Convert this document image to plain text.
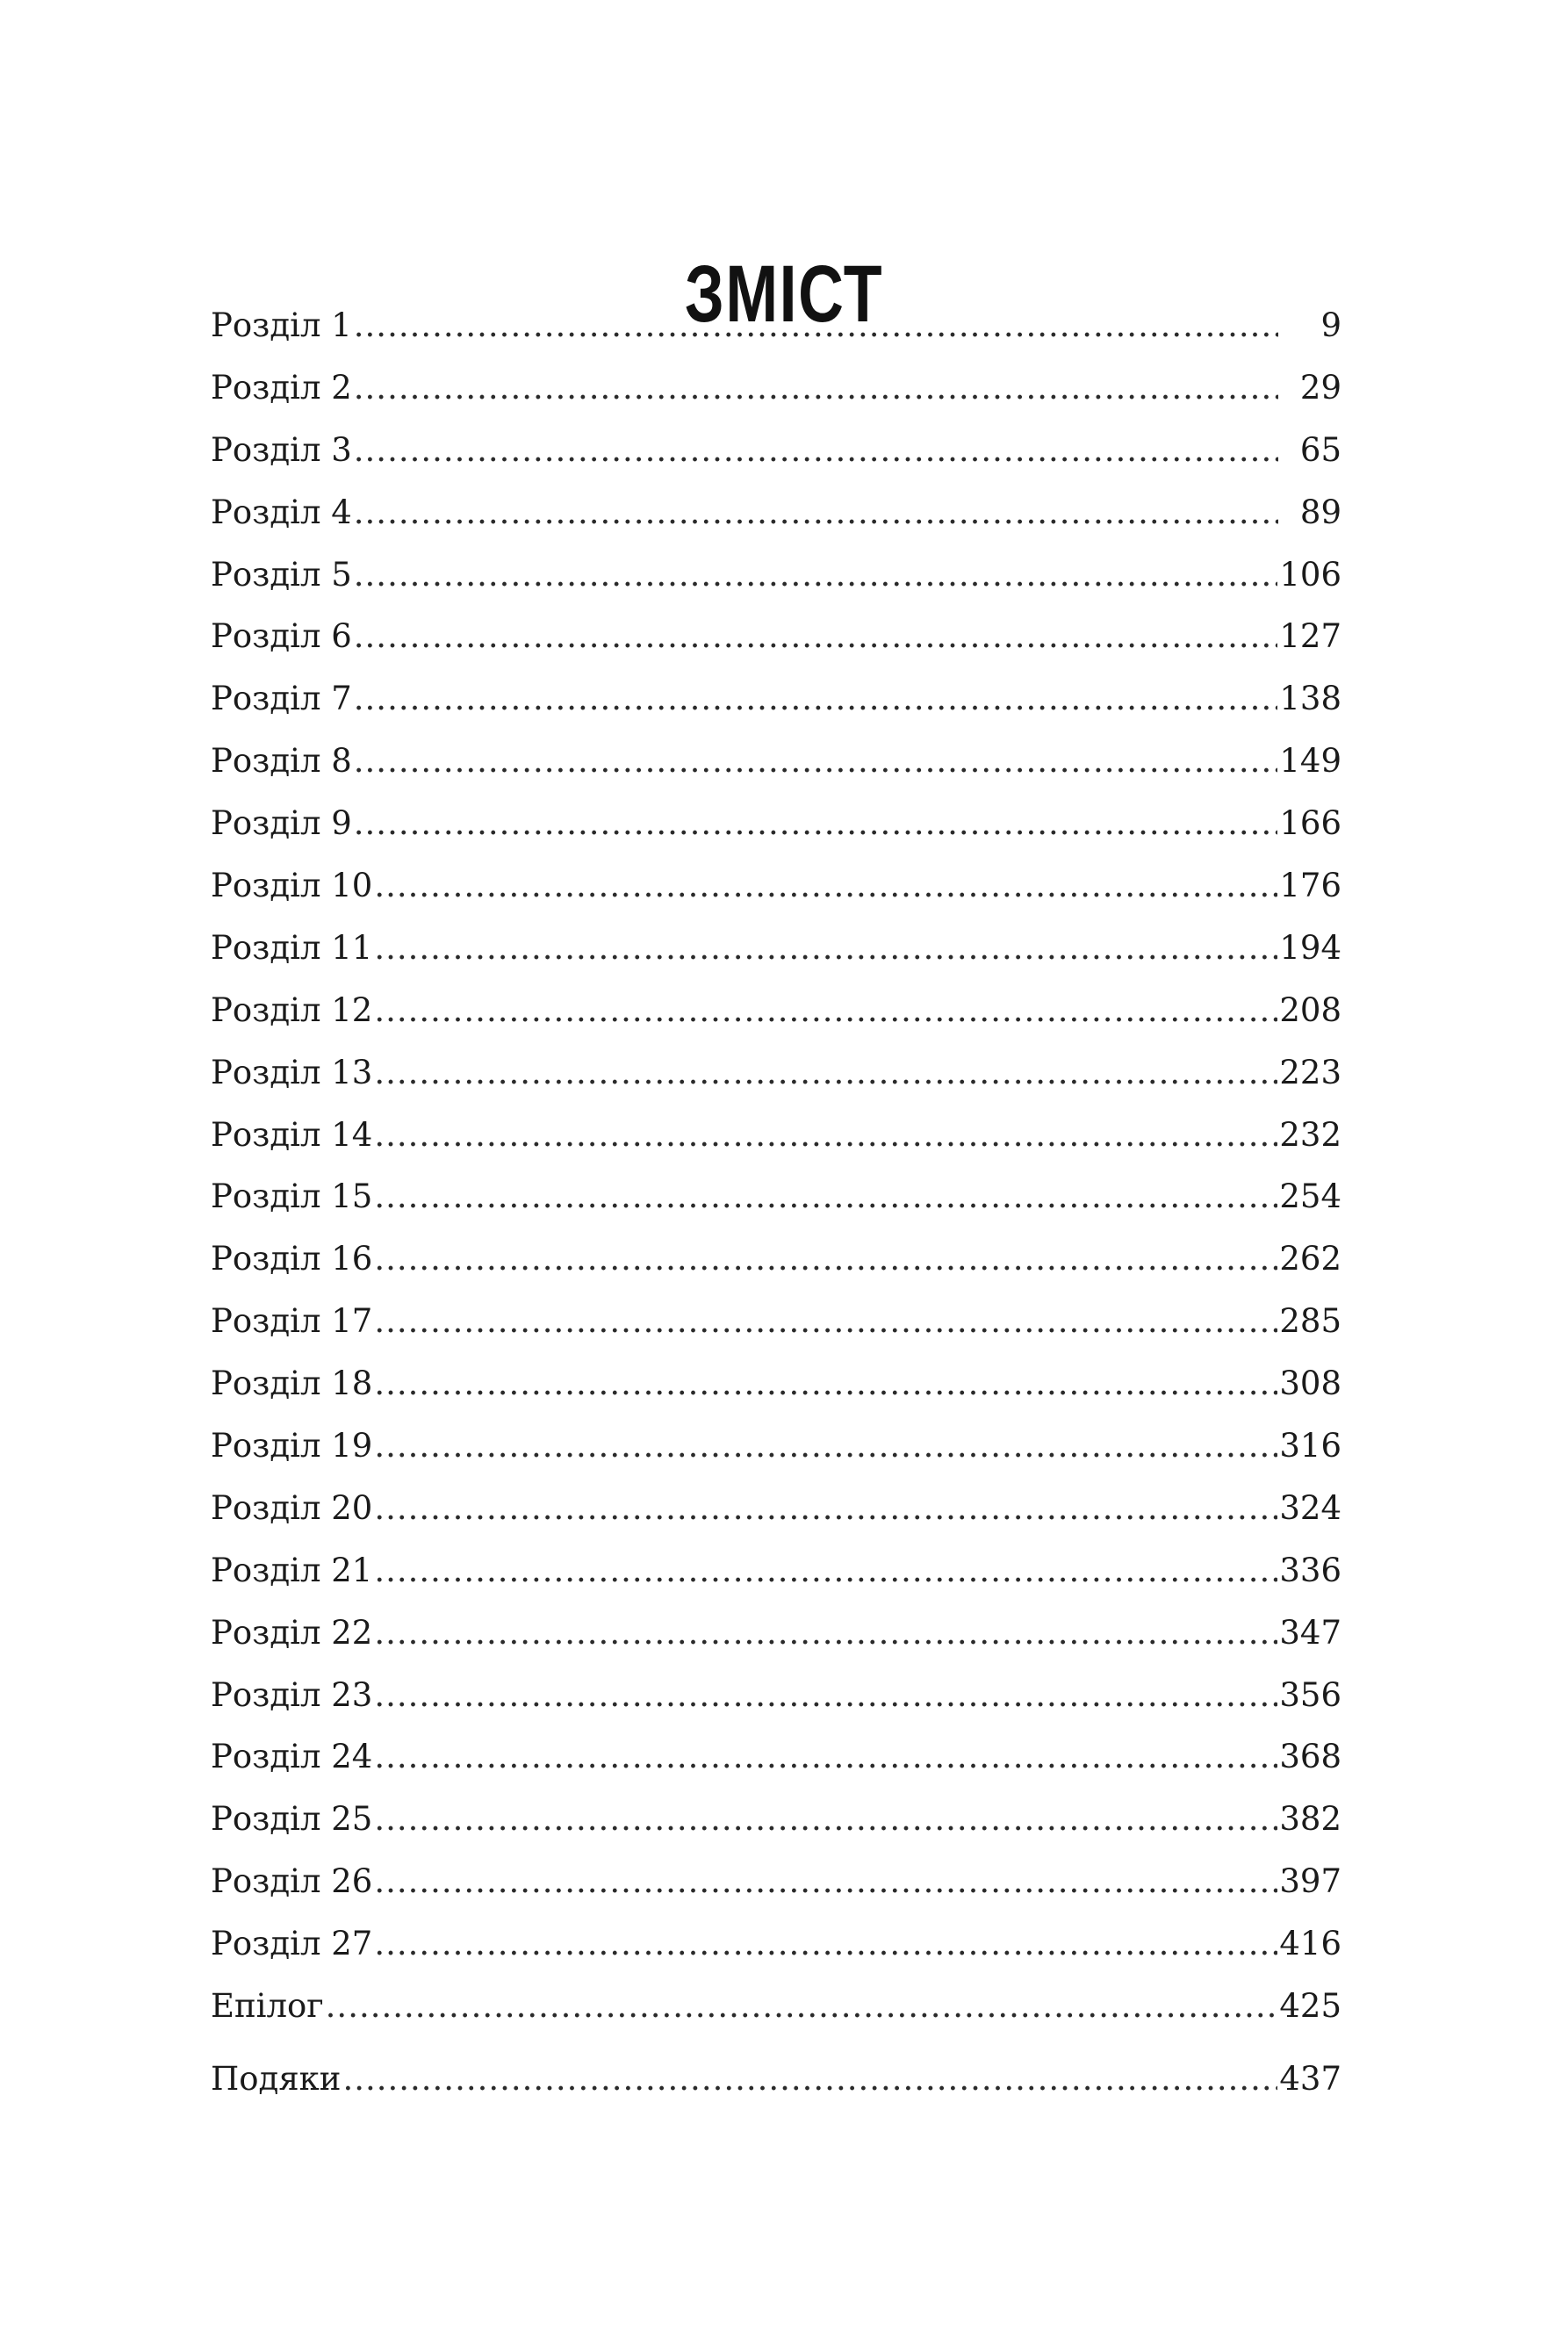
ЗМІСТ
Розділ 1 .....	9
Розділ 2 .....	29
Розділ 3 .....	65
Розділ 4 .....	89
Розділ 5 .....	106
Розділ 6 .....	127
Розділ 7 .....	138
Розділ 8 .....	149
Розділ 9 .....	166
Розділ 10 .....	176
Розділ 11 .....	194
Розділ 12 .....	208
Розділ 13 .....	223
Розділ 14 .....	232
Розділ 15 .....	254
Розділ 16 .....	262
Розділ 17 .....	285
Розділ 18 .....	308
Розділ 19 .....	316
Розділ 20 .....	324
Розділ 21 .....	336
Розділ 22 .....	347
Розділ 23 .....	356
Розділ 24 .....	368
Розділ 25 .....	382
Розділ 26 .....	397
Розділ 27 .....	416
Епілог .....	425
Подяки .....	437
